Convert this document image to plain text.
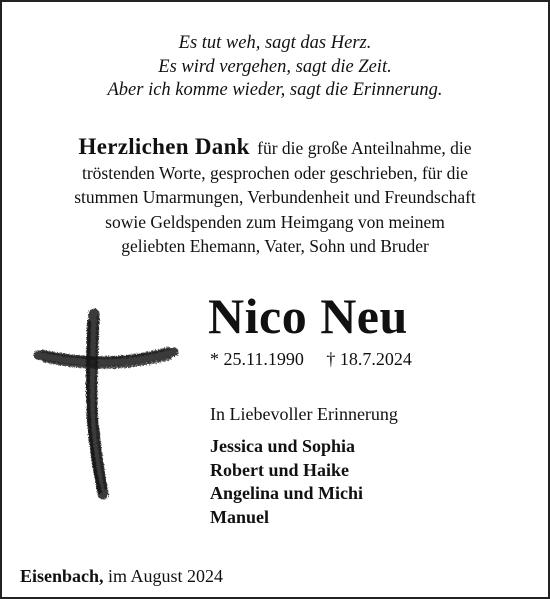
Es tut weh, sagt das Herz.
Es wird vergehen, sagt die Zeit.
Aber ich komme wieder, sagt die Erinnerung.
Herzlichen Dank für die große Anteilnahme, die
tröstenden Worte, gesprochen oder geschrieben, für die
stummen Umarmungen, Verbundenheit und Freundschaft
sowie Geldspenden zum Heimgang von meinem
geliebten Ehemann, Vater, Sohn und Bruder
Nico Neu
* 25.11.1990 † 18.7.2024
In Liebevoller Erinnerung
Jessica und Sophia
Robert und Haike
Angelina und Michi
Manuel
Eisenbach, im August 2024
